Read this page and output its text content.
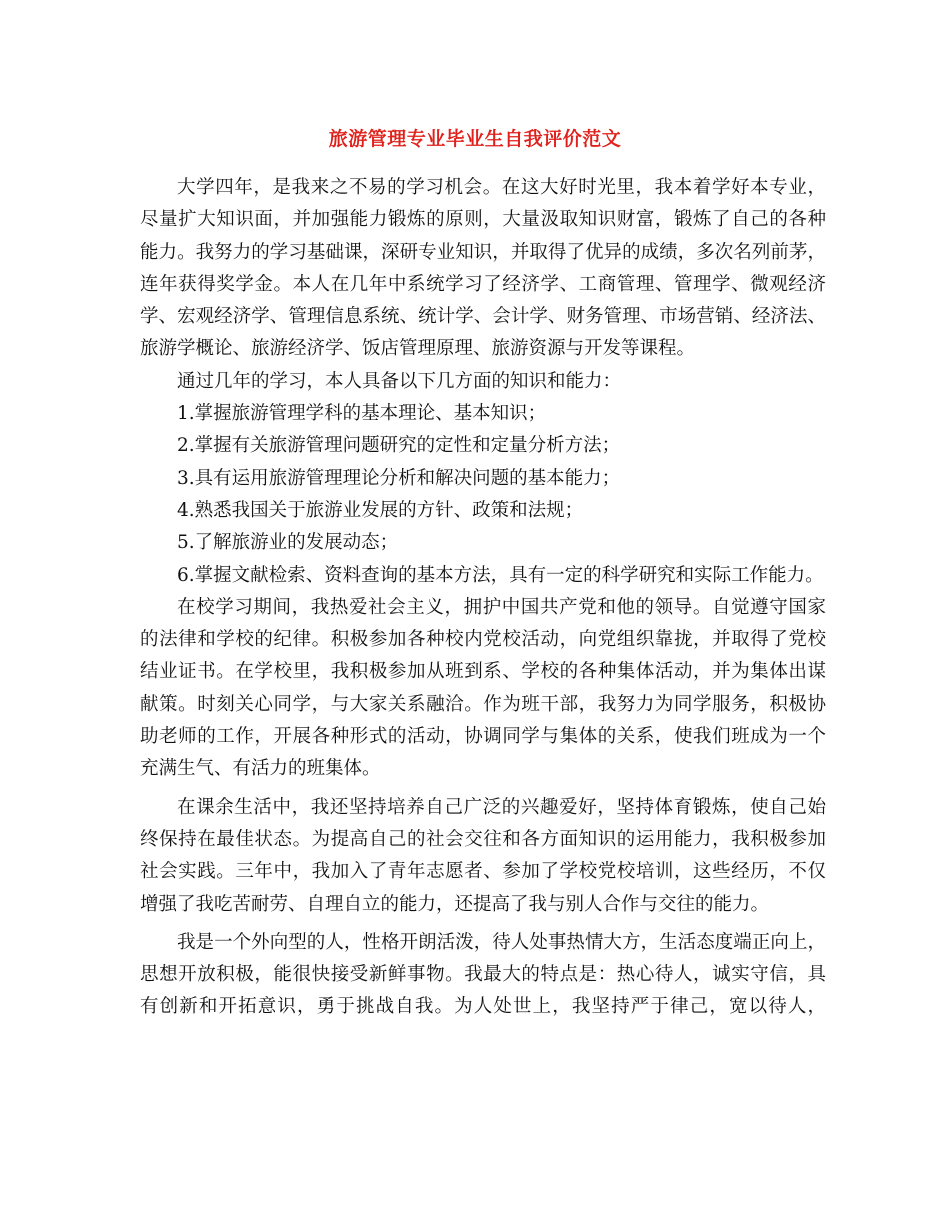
旅游管理专业毕业生自我评价范文
大学四年，是我来之不易的学习机会。在这大好时光里，我本着学好本专业，
尽量扩大知识面，并加强能力锻炼的原则，大量汲取知识财富，锻炼了自己的各种
能力。我努力的学习基础课，深研专业知识，并取得了优异的成绩，多次名列前茅，
连年获得奖学金。本人在几年中系统学习了经济学、工商管理、管理学、微观经济
学、宏观经济学、管理信息系统、统计学、会计学、财务管理、市场营销、经济法、
旅游学概论、旅游经济学、饭店管理原理、旅游资源与开发等课程。
通过几年的学习，本人具备以下几方面的知识和能力：
1.掌握旅游管理学科的基本理论、基本知识；
2.掌握有关旅游管理问题研究的定性和定量分析方法；
3.具有运用旅游管理理论分析和解决问题的基本能力；
4.熟悉我国关于旅游业发展的方针、政策和法规；
5.了解旅游业的发展动态；
6.掌握文献检索、资料查询的基本方法，具有一定的科学研究和实际工作能力。
在校学习期间，我热爱社会主义，拥护中国共产党和他的领导。自觉遵守国家
的法律和学校的纪律。积极参加各种校内党校活动，向党组织靠拢，并取得了党校
结业证书。在学校里，我积极参加从班到系、学校的各种集体活动，并为集体出谋
献策。时刻关心同学，与大家关系融洽。作为班干部，我努力为同学服务，积极协
助老师的工作，开展各种形式的活动，协调同学与集体的关系，使我们班成为一个
充满生气、有活力的班集体。
在课余生活中，我还坚持培养自己广泛的兴趣爱好，坚持体育锻炼，使自己始
终保持在最佳状态。为提高自己的社会交往和各方面知识的运用能力，我积极参加
社会实践。三年中，我加入了青年志愿者、参加了学校党校培训，这些经历，不仅
增强了我吃苦耐劳、自理自立的能力，还提高了我与别人合作与交往的能力。
我是一个外向型的人，性格开朗活泼，待人处事热情大方，生活态度端正向上，
思想开放积极，能很快接受新鲜事物。我最大的特点是：热心待人，诚实守信，具
有创新和开拓意识，勇于挑战自我。为人处世上，我坚持严于律己，宽以待人，
